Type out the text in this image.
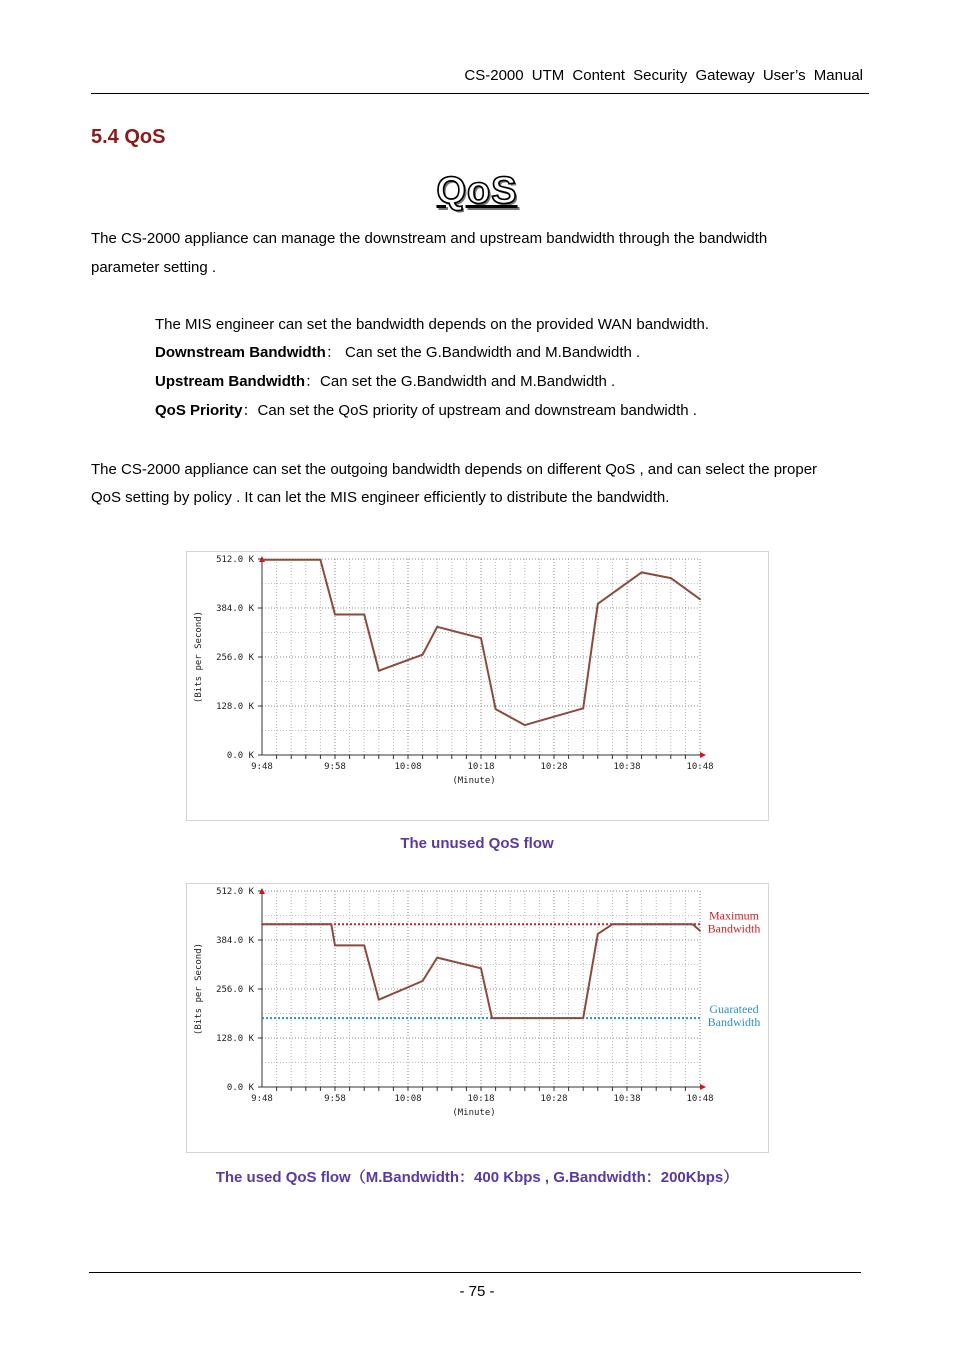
CS-2000 UTM Content Security Gateway User’s Manual
5.4 QoS
QoS

The CS-2000 appliance can manage the downstream and upstream bandwidth through the bandwidth

parameter setting .

The MIS engineer can set the bandwidth depends on the provided WAN bandwidth.

Downstream Bandwidth： Can set the G.Bandwidth and M.Bandwidth .

Upstream Bandwidth：Can set the G.Bandwidth and M.Bandwidth .

QoS Priority：Can set the QoS priority of upstream and downstream bandwidth .

The CS-2000 appliance can set the outgoing bandwidth depends on different QoS , and can select the proper

QoS setting by policy . It can let the MIS engineer efficiently to distribute the bandwidth.

0.0 K
128.0 K
256.0 K
384.0 K
512.0 K
9:48	9:58	10:08	10:18	10:28	10:38	10:48
(Minute)
(Bits per Second)
The unused QoS flow
0.0 K
128.0 K
256.0 K
384.0 K
512.0 K
9:48	9:58	10:08	10:18	10:28	10:38	10:48
(Minute)
(Bits per Second)
Maximum
Bandwidth
Guarateed
Bandwidth
The used QoS flow（M.Bandwidth：400 Kbps , G.Bandwidth：200Kbps）
- 75 -
